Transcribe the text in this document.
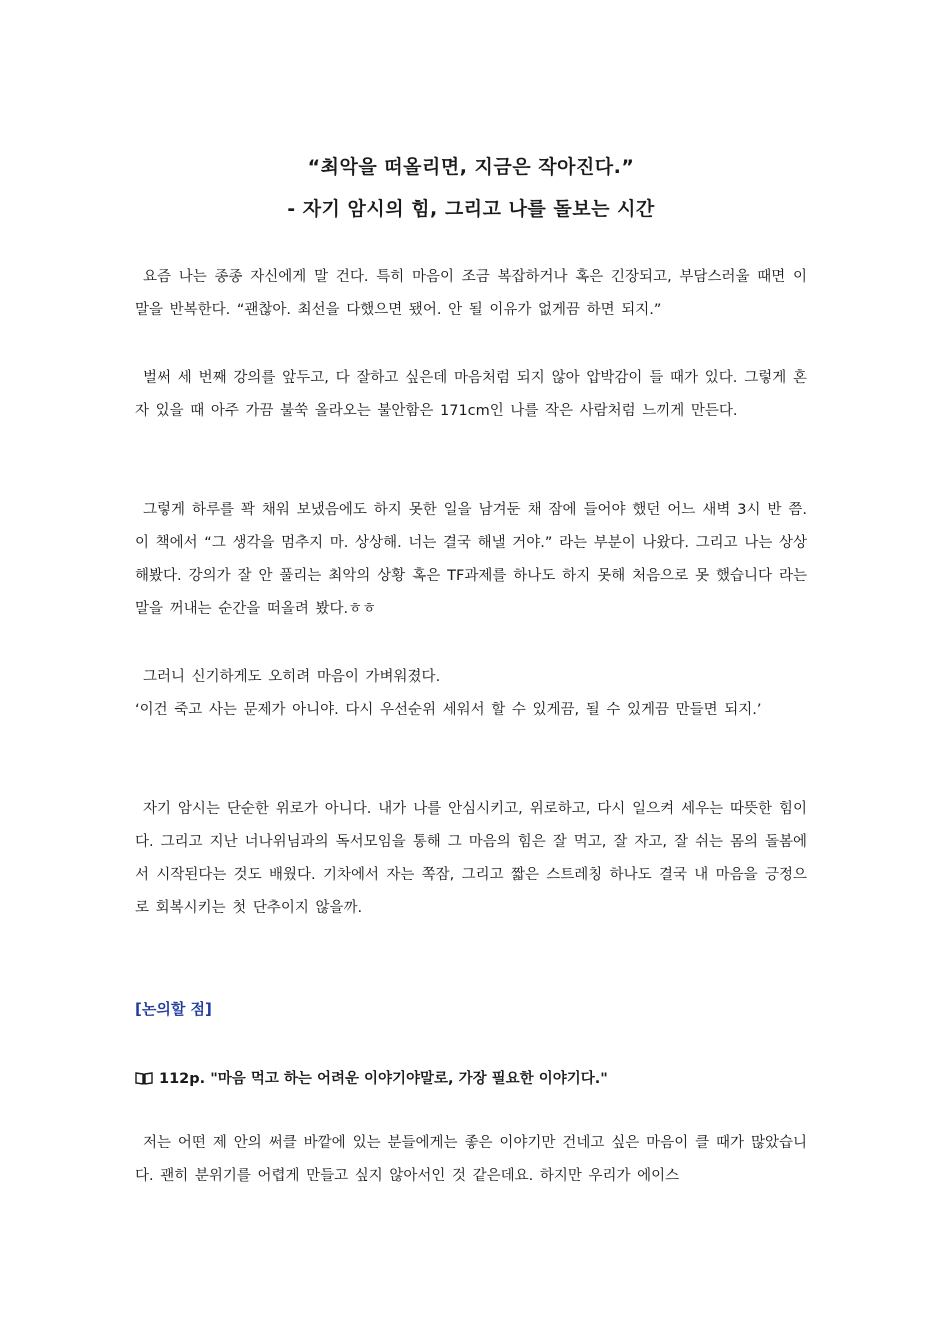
“최악을 떠올리면, 지금은 작아진다.”
- 자기 암시의 힘, 그리고 나를 돌보는 시간
요즘 나는 종종 자신에게 말 건다. 특히 마음이 조금 복잡하거나 혹은 긴장되고, 부담스러울 때면 이 말을 반복한다. “괜찮아. 최선을 다했으면 됐어. 안 될 이유가 없게끔 하면 되지.”
벌써 세 번째 강의를 앞두고, 다 잘하고 싶은데 마음처럼 되지 않아 압박감이 들 때가 있다. 그렇게 혼자 있을 때 아주 가끔 불쑥 올라오는 불안함은 171cm인 나를 작은 사람처럼 느끼게 만든다.
그렇게 하루를 꽉 채워 보냈음에도 하지 못한 일을 남겨둔 채 잠에 들어야 했던 어느 새벽 3시 반 쯤. 이 책에서 “그 생각을 멈추지 마. 상상해. 너는 결국 해낼 거야.” 라는 부분이 나왔다. 그리고 나는 상상해봤다. 강의가 잘 안 풀리는 최악의 상황 혹은 TF과제를 하나도 하지 못해 처음으로 못 했습니다 라는 말을 꺼내는 순간을 떠올려 봤다.ㅎㅎ
그러니 신기하게도 오히려 마음이 가벼워졌다.
‘이건 죽고 사는 문제가 아니야. 다시 우선순위 세워서 할 수 있게끔, 될 수 있게끔 만들면 되지.’
자기 암시는 단순한 위로가 아니다. 내가 나를 안심시키고, 위로하고, 다시 일으켜 세우는 따뜻한 힘이다. 그리고 지난 너나위님과의 독서모임을 통해 그 마음의 힘은 잘 먹고, 잘 자고, 잘 쉬는 몸의 돌봄에서 시작된다는 것도 배웠다. 기차에서 자는 쪽잠, 그리고 짧은 스트레칭 하나도 결국 내 마음을 긍정으로 회복시키는 첫 단추이지 않을까.
[논의할 점]
112p. "마음 먹고 하는 어려운 이야기야말로, 가장 필요한 이야기다."
저는 어떤 제 안의 써클 바깥에 있는 분들에게는 좋은 이야기만 건네고 싶은 마음이 클 때가 많았습니다. 괜히 분위기를 어렵게 만들고 싶지 않아서인 것 같은데요. 하지만 우리가 에이스
